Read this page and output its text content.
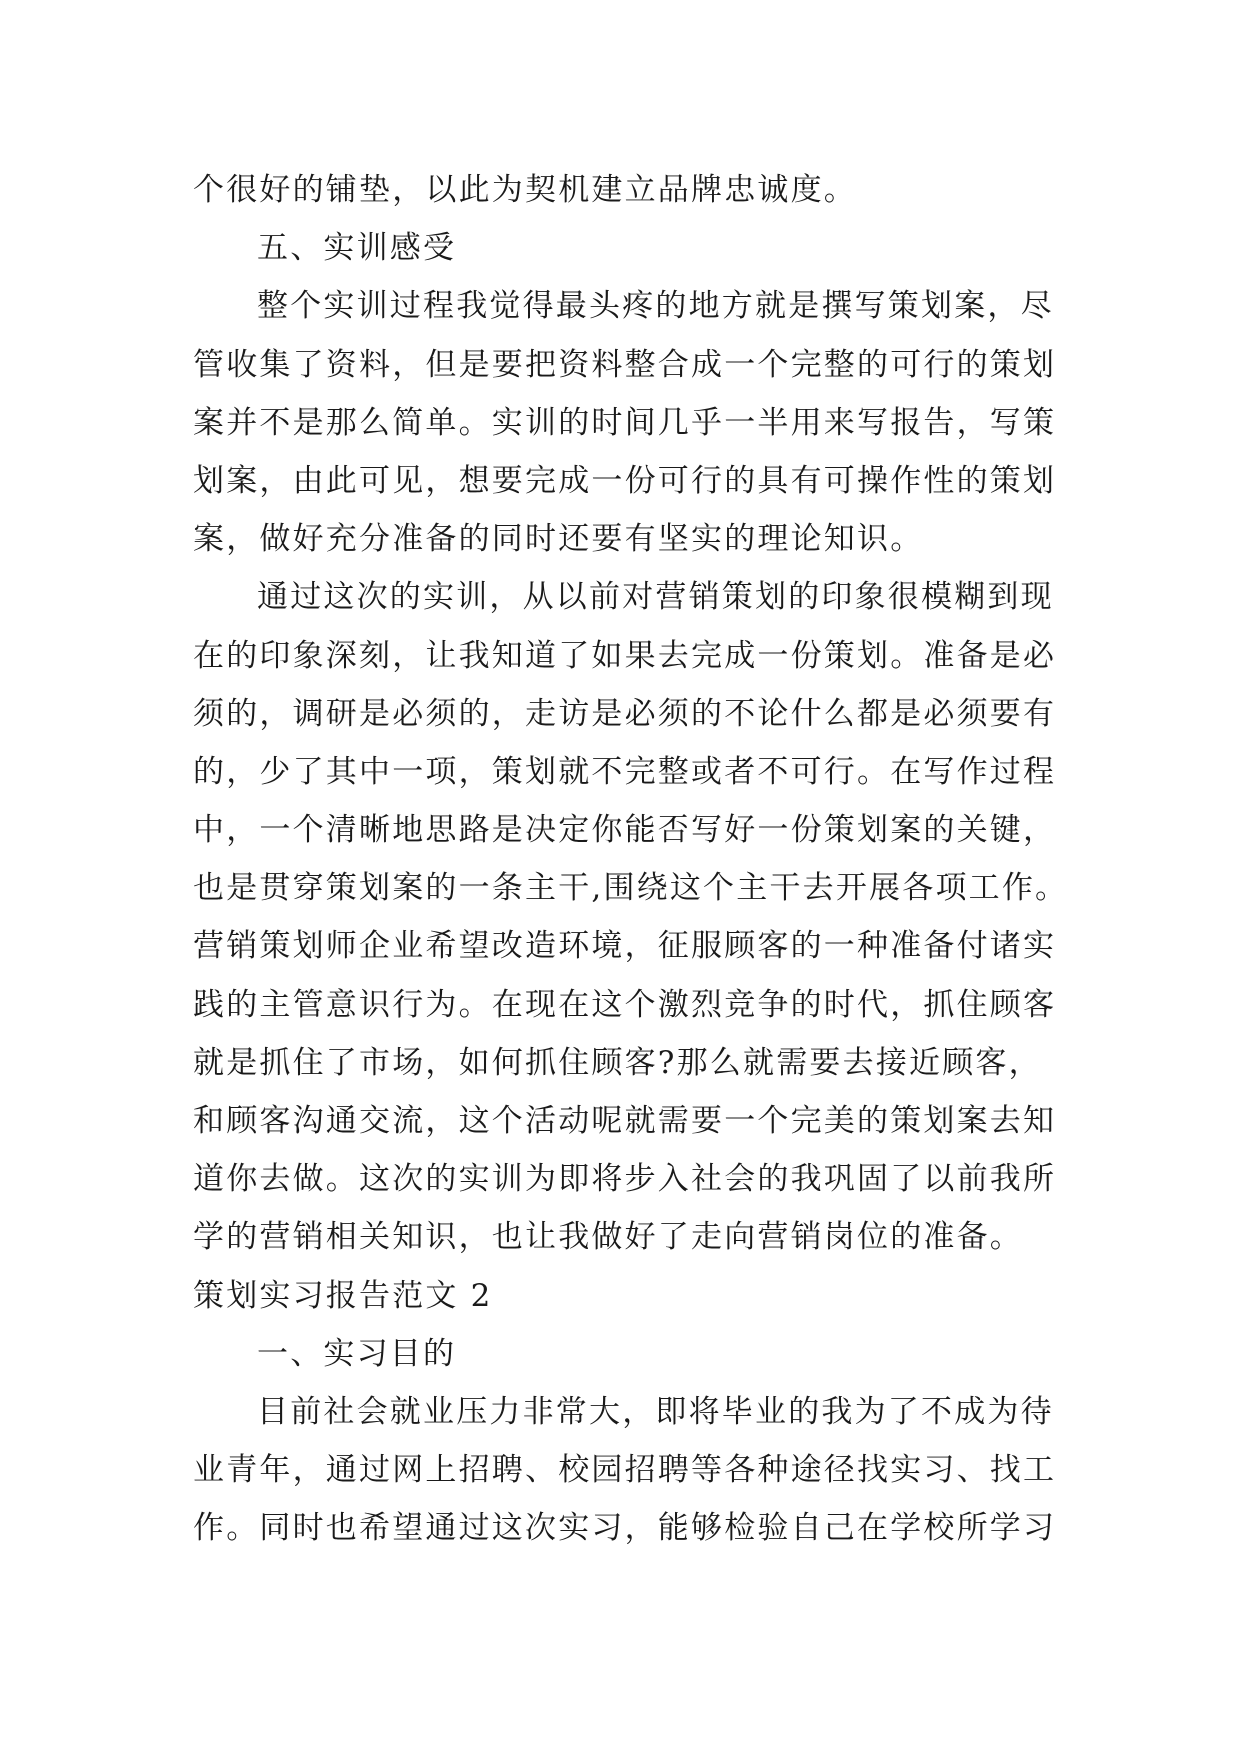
个很好的铺垫，以此为契机建立品牌忠诚度。
五、实训感受
整个实训过程我觉得最头疼的地方就是撰写策划案，尽
管收集了资料，但是要把资料整合成一个完整的可行的策划
案并不是那么简单。实训的时间几乎一半用来写报告，写策
划案，由此可见，想要完成一份可行的具有可操作性的策划
案，做好充分准备的同时还要有坚实的理论知识。
通过这次的实训，从以前对营销策划的印象很模糊到现
在的印象深刻，让我知道了如果去完成一份策划。准备是必
须的，调研是必须的，走访是必须的不论什么都是必须要有
的，少了其中一项，策划就不完整或者不可行。在写作过程
中，一个清晰地思路是决定你能否写好一份策划案的关键，
也是贯穿策划案的一条主干,围绕这个主干去开展各项工作。
营销策划师企业希望改造环境，征服顾客的一种准备付诸实
践的主管意识行为。在现在这个激烈竞争的时代，抓住顾客
就是抓住了市场，如何抓住顾客?那么就需要去接近顾客，
和顾客沟通交流，这个活动呢就需要一个完美的策划案去知
道你去做。这次的实训为即将步入社会的我巩固了以前我所
学的营销相关知识，也让我做好了走向营销岗位的准备。
策划实习报告范文 2
一、实习目的
目前社会就业压力非常大，即将毕业的我为了不成为待
业青年，通过网上招聘、校园招聘等各种途径找实习、找工
作。同时也希望通过这次实习，能够检验自己在学校所学习
